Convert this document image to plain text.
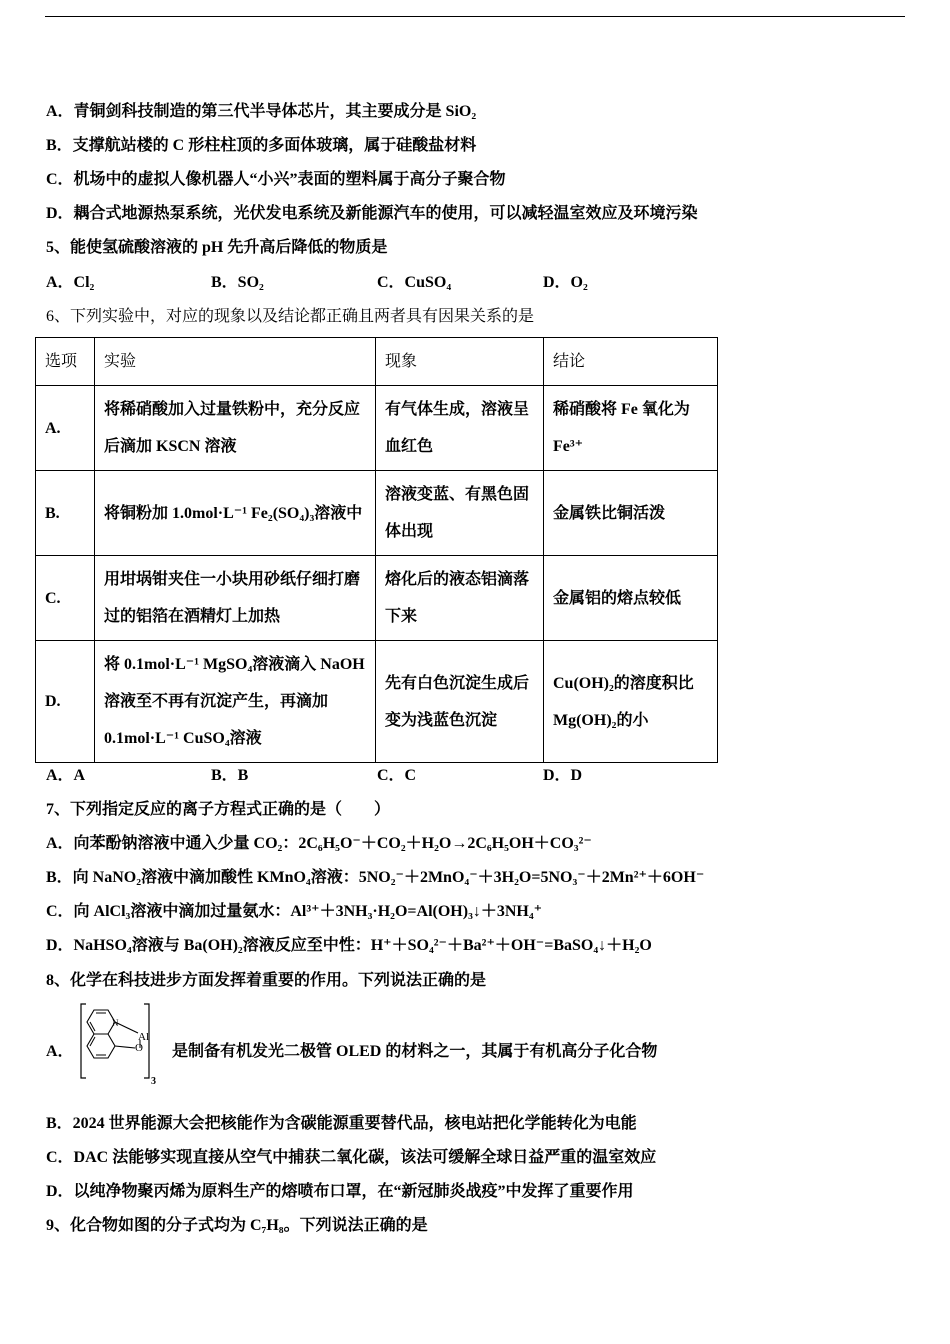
A．青铜剑科技制造的第三代半导体芯片，其主要成分是 SiO₂
B．支撑航站楼的 C 形柱柱顶的多面体玻璃，属于硅酸盐材料
C．机场中的虚拟人像机器人“小兴”表面的塑料属于高分子聚合物
D．耦合式地源热泵系统，光伏发电系统及新能源汽车的使用，可以减轻温室效应及环境污染
5、能使氢硫酸溶液的 pH 先升高后降低的物质是
A．Cl₂	B．SO₂	C．CuSO₄	D．O₂
6、下列实验中，对应的现象以及结论都正确且两者具有因果关系的是
选项	实验	现象	结论
A.	将稀硝酸加入过量铁粉中，充分反应后滴加 KSCN 溶液	有气体生成，溶液呈血红色	稀硝酸将 Fe 氧化为 Fe³⁺
B.	将铜粉加 1.0mol·L⁻¹ Fe₂(SO₄)₃溶液中	溶液变蓝、有黑色固体出现	金属铁比铜活泼
C.	用坩埚钳夹住一小块用砂纸仔细打磨过的铝箔在酒精灯上加热	熔化后的液态铝滴落下来	金属铝的熔点较低
D.	将 0.1mol·L⁻¹ MgSO₄溶液滴入 NaOH 溶液至不再有沉淀产生，再滴加 0.1mol·L⁻¹ CuSO₄溶液	先有白色沉淀生成后变为浅蓝色沉淀	Cu(OH)₂的溶度积比 Mg(OH)₂的小
A．A	B．B	C．C	D．D
7、下列指定反应的离子方程式正确的是（　　）
A．向苯酚钠溶液中通入少量 CO₂：2C₆H₅O⁻＋CO₂＋H₂O→2C₆H₅OH＋CO₃²⁻
B．向 NaNO₂溶液中滴加酸性 KMnO₄溶液：5NO₂⁻＋2MnO₄⁻＋3H₂O=5NO₃⁻＋2Mn²⁺＋6OH⁻
C．向 AlCl₃溶液中滴加过量氨水：Al³⁺＋3NH₃·H₂O=Al(OH)₃↓＋3NH₄⁺
D．NaHSO₄溶液与 Ba(OH)₂溶液反应至中性：H⁺＋SO₄²⁻＋Ba²⁺＋OH⁻=BaSO₄↓＋H₂O
8、化学在科技进步方面发挥着重要的作用。下列说法正确的是
A．
N
O
Al
3
是制备有机发光二极管 OLED 的材料之一，其属于有机高分子化合物
B．2024 世界能源大会把核能作为含碳能源重要替代品，核电站把化学能转化为电能
C．DAC 法能够实现直接从空气中捕获二氧化碳，该法可缓解全球日益严重的温室效应
D．以纯净物聚丙烯为原料生产的熔喷布口罩，在“新冠肺炎战疫”中发挥了重要作用
9、化合物如图的分子式均为 C₇H₈。下列说法正确的是
